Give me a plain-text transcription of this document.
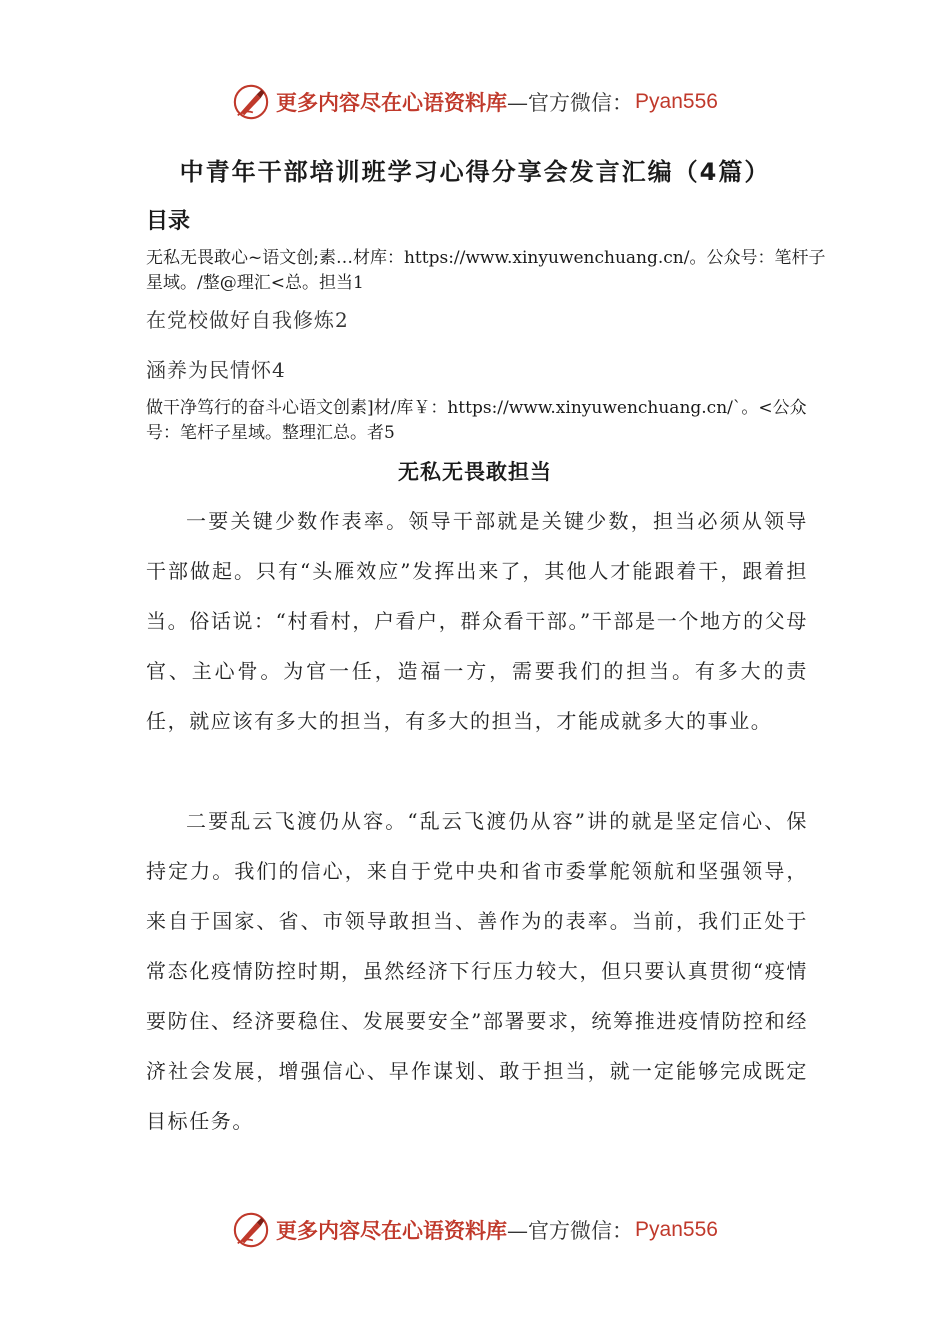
更多内容尽在心语资料库 —官方微信： Pyan556
中青年干部培训班学习心得分享会发言汇编（4篇）
目录
无私无畏敢心~语文创;素…材库：https://www.xinyuwenchuang.cn/。公众号：笔杆子星域。/整@理汇<总。担当1
在党校做好自我修炼2
涵养为民情怀4
做干净笃行的奋斗心语文创素]材/库￥：https://www.xinyuwenchuang.cn/`。<公众号：笔杆子星域。整理汇总。者5
无私无畏敢担当
一要关键少数作表率。领导干部就是关键少数，担当必须从领导干部做起。只有“头雁效应”发挥出来了，其他人才能跟着干，跟着担当。俗话说：“村看村，户看户，群众看干部。”干部是一个地方的父母官、主心骨。为官一任，造福一方，需要我们的担当。有多大的责任，就应该有多大的担当，有多大的担当，才能成就多大的事业。
二要乱云飞渡仍从容。“乱云飞渡仍从容”讲的就是坚定信心、保持定力。我们的信心，来自于党中央和省市委掌舵领航和坚强领导，来自于国家、省、市领导敢担当、善作为的表率。当前，我们正处于常态化疫情防控时期，虽然经济下行压力较大，但只要认真贯彻“疫情要防住、经济要稳住、发展要安全”部署要求，统筹推进疫情防控和经济社会发展，增强信心、早作谋划、敢于担当，就一定能够完成既定目标任务。
更多内容尽在心语资料库 —官方微信： Pyan556
